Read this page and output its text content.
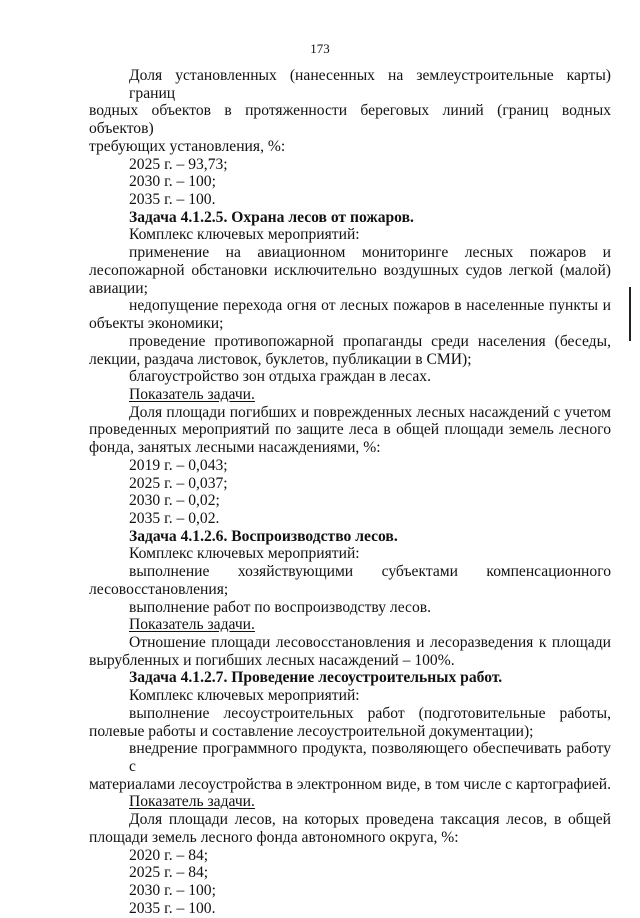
173

Доля установленных (нанесенных на землеустроительные карты) границ

водных объектов в протяженности береговых линий (границ водных объектов)

требующих установления, %:

2025 г. – 93,73;

2030 г. – 100;

2035 г. – 100.

Задача 4.1.2.5. Охрана лесов от пожаров.

Комплекс ключевых мероприятий:

применение на авиационном мониторинге лесных пожаров и

лесопожарной обстановки исключительно воздушных судов легкой (малой)

авиации;

недопущение перехода огня от лесных пожаров в населенные пункты и

объекты экономики;

проведение противопожарной пропаганды среди населения (беседы,

лекции, раздача листовок, буклетов, публикации в СМИ);

благоустройство зон отдыха граждан в лесах.

Показатель задачи.

Доля площади погибших и поврежденных лесных насаждений с учетом

проведенных мероприятий по защите леса в общей площади земель лесного

фонда, занятых лесными насаждениями, %:

2019 г. – 0,043;

2025 г. – 0,037;

2030 г. – 0,02;

2035 г. – 0,02.

Задача 4.1.2.6. Воспроизводство лесов.

Комплекс ключевых мероприятий:

выполнение хозяйствующими субъектами компенсационного

лесовосстановления;

выполнение работ по воспроизводству лесов.

Показатель задачи.

Отношение площади лесовосстановления и лесоразведения к площади

вырубленных и погибших лесных насаждений – 100%.

Задача 4.1.2.7. Проведение лесоустроительных работ.

Комплекс ключевых мероприятий:

выполнение лесоустроительных работ (подготовительные работы,

полевые работы и составление лесоустроительной документации);

внедрение программного продукта, позволяющего обеспечивать работу с

материалами лесоустройства в электронном виде, в том числе с картографией.

Показатель задачи.

Доля площади лесов, на которых проведена таксация лесов, в общей

площади земель лесного фонда автономного округа, %:

2020 г. – 84;

2025 г. – 84;

2030 г. – 100;

2035 г. – 100.
